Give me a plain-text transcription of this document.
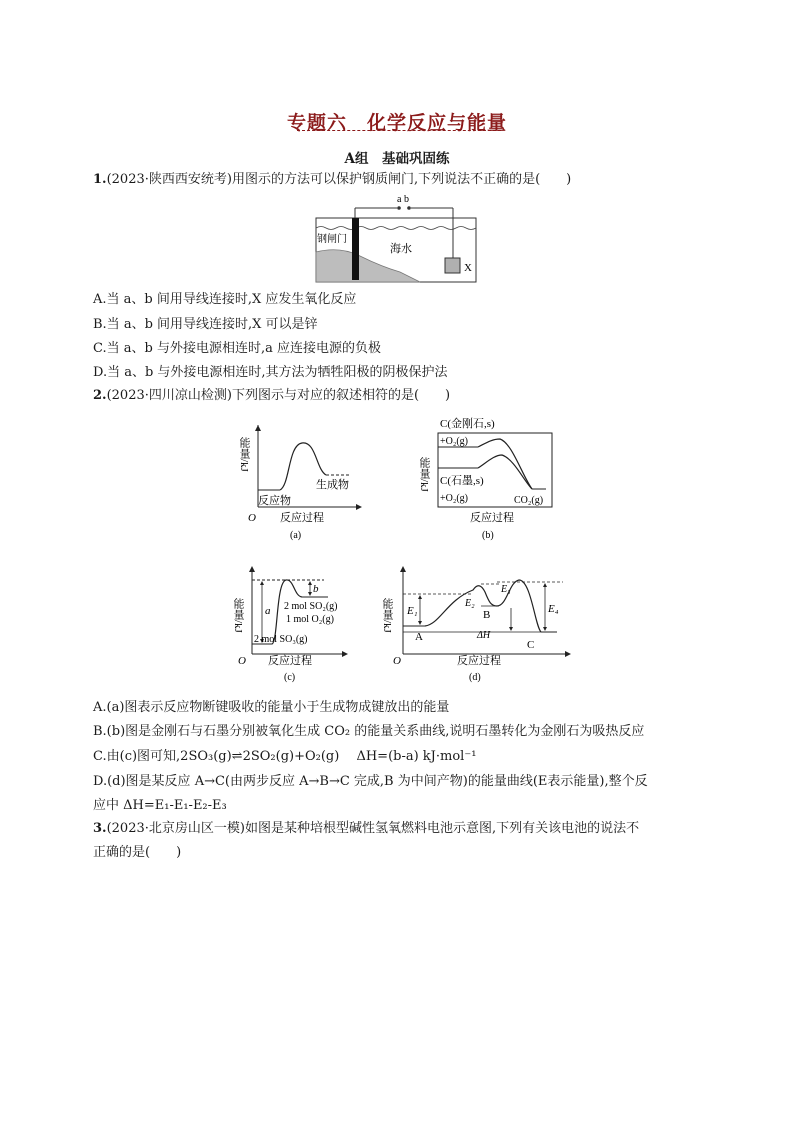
专题六　化学反应与能量
A组　基础巩固练
1.(2023·陕西西安统考)用图示的方法可以保护钢质闸门,下列说法不正确的是(　　)
a b
钢闸门
海水
X
A.当 a、b 间用导线连接时,X 应发生氧化反应
B.当 a、b 间用导线连接时,X 可以是锌
C.当 a、b 与外接电源相连时,a 应连接电源的负极
D.当 a、b 与外接电源相连时,其方法为牺牲阳极的阴极保护法
2.(2023·四川凉山检测)下列图示与对应的叙述相符的是(　　)
能量/kJ
反应物
生成物
O 反应过程
(a)
能量/kJ
C(金刚石,s)
+O₂(g)
C(石墨,s)
+O₂(g)	CO₂(g)
反应过程
(b)
能量/kJ a
b
2 mol SO₂(g)
1 mol O₂(g)
2 mol SO₃(g)
O 反应过程
(c)
能量/kJ E₁
E₂
E₃
E₄
A
B
C
ΔH
O	反应过程
(d)
A.(a)图表示反应物断键吸收的能量小于生成物成键放出的能量
B.(b)图是金刚石与石墨分别被氧化生成 CO₂ 的能量关系曲线,说明石墨转化为金刚石为吸热反应
C.由(c)图可知,2SO₃(g)⇌2SO₂(g)+O₂(g)　 ΔH=(b-a) kJ·mol⁻¹
D.(d)图是某反应 A→C(由两步反应 A→B→C 完成,B 为中间产物)的能量曲线(E表示能量),整个反
应中 ΔH=E₁-E₁-E₂-E₃
3.(2023·北京房山区一模)如图是某种培根型碱性氢氧燃料电池示意图,下列有关该电池的说法不
正确的是(　　)
